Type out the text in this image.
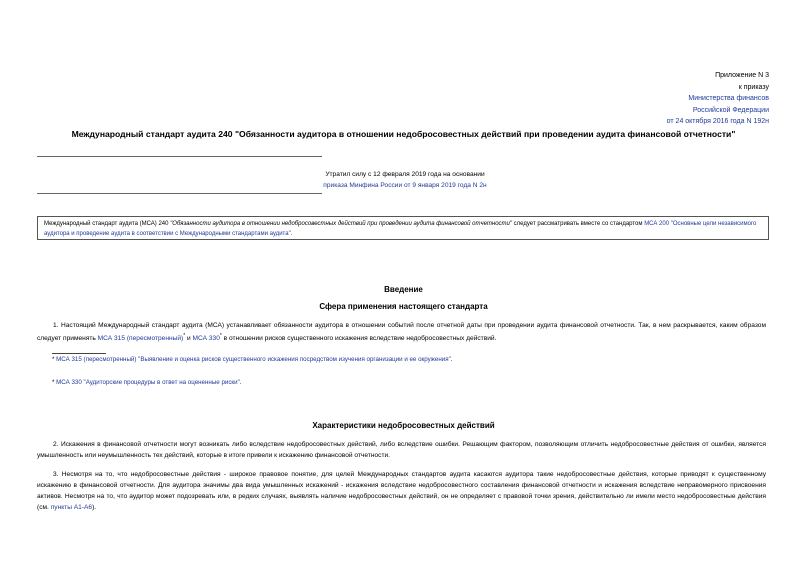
Приложение N 3
к приказу
Министерства финансов
Российской Федерации
от 24 октября 2016 года N 192н
Международный стандарт аудита 240 "Обязанности аудитора в отношении недобросовестных действий при проведении аудита финансовой отчетности"
Утратил силу с 12 февраля 2019 года на основании
приказа Минфина России от 9 января 2019 года N 2н
Международный стандарт аудита (МСА) 240 "Обязанности аудитора в отношении недобросовестных действий при проведении аудита финансовой отчетности" следует рассматривать вместе со стандартом МСА 200 "Основные цели независимого аудитора и проведение аудита в соответствии с Международными стандартами аудита".
Введение
Сфера применения настоящего стандарта
1. Настоящий Международный стандарт аудита (МСА) устанавливает обязанности аудитора в отношении событий после отчетной даты при проведении аудита финансовой отчетности. Так, в нем раскрывается, каким образом следует применять МСА 315 (пересмотренный)* и МСА 330* в отношении рисков существенного искажения вследствие недобросовестных действий.
* МСА 315 (пересмотренный) "Выявление и оценка рисков существенного искажения посредством изучения организации и ее окружения".
* МСА 330 "Аудиторские процедуры в ответ на оцененные риски".
Характеристики недобросовестных действий
2. Искажения в финансовой отчетности могут возникать либо вследствие недобросовестных действий, либо вследствие ошибки. Решающим фактором, позволяющим отличить недобросовестные действия от ошибки, является умышленность или неумышленность тех действий, которые в итоге привели к искажению финансовой отчетности.
3. Несмотря на то, что недобросовестные действия - широкое правовое понятие, для целей Международных стандартов аудита касаются аудитора такие недобросовестные действия, которые приводят к существенному искажению в финансовой отчетности. Для аудитора значимы два вида умышленных искажений - искажения вследствие недобросовестного составления финансовой отчетности и искажения вследствие неправомерного присвоения активов. Несмотря на то, что аудитор может подозревать или, в редких случаях, выявлять наличие недобросовестных действий, он не определяет с правовой точки зрения, действительно ли имели место недобросовестные действия (см. пункты A1-A6).
